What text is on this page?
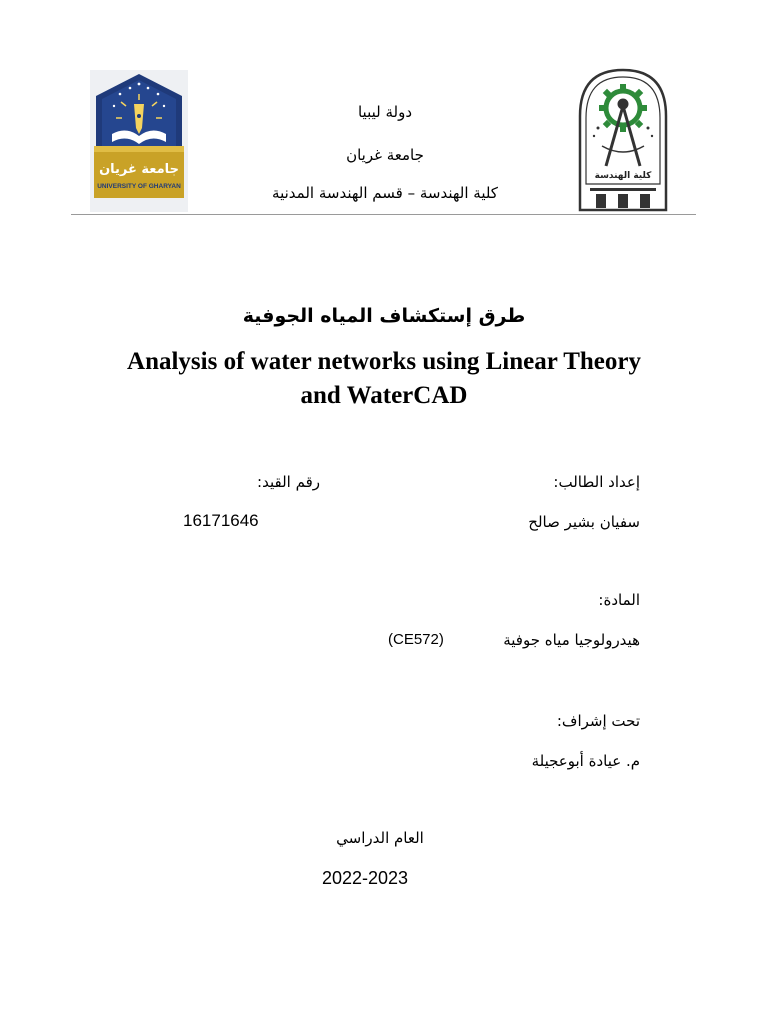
جامعة غريان
UNIVERSITY OF GHARYAN
دولة ليبيا
جامعة غريان
كلية الهندسة – قسم الهندسة المدنية
كلية الهندسة
طرق إستكشاف المياه الجوفية
Analysis of water networks using Linear Theory
and WaterCAD
إعداد الطالب:
رقم القيد:
سفيان بشير صالح
16171646
المادة:
هيدرولوجيا مياه جوفية
(CE572)
تحت إشراف:
م. عيادة أبوعجيلة
العام الدراسي
2022-2023
